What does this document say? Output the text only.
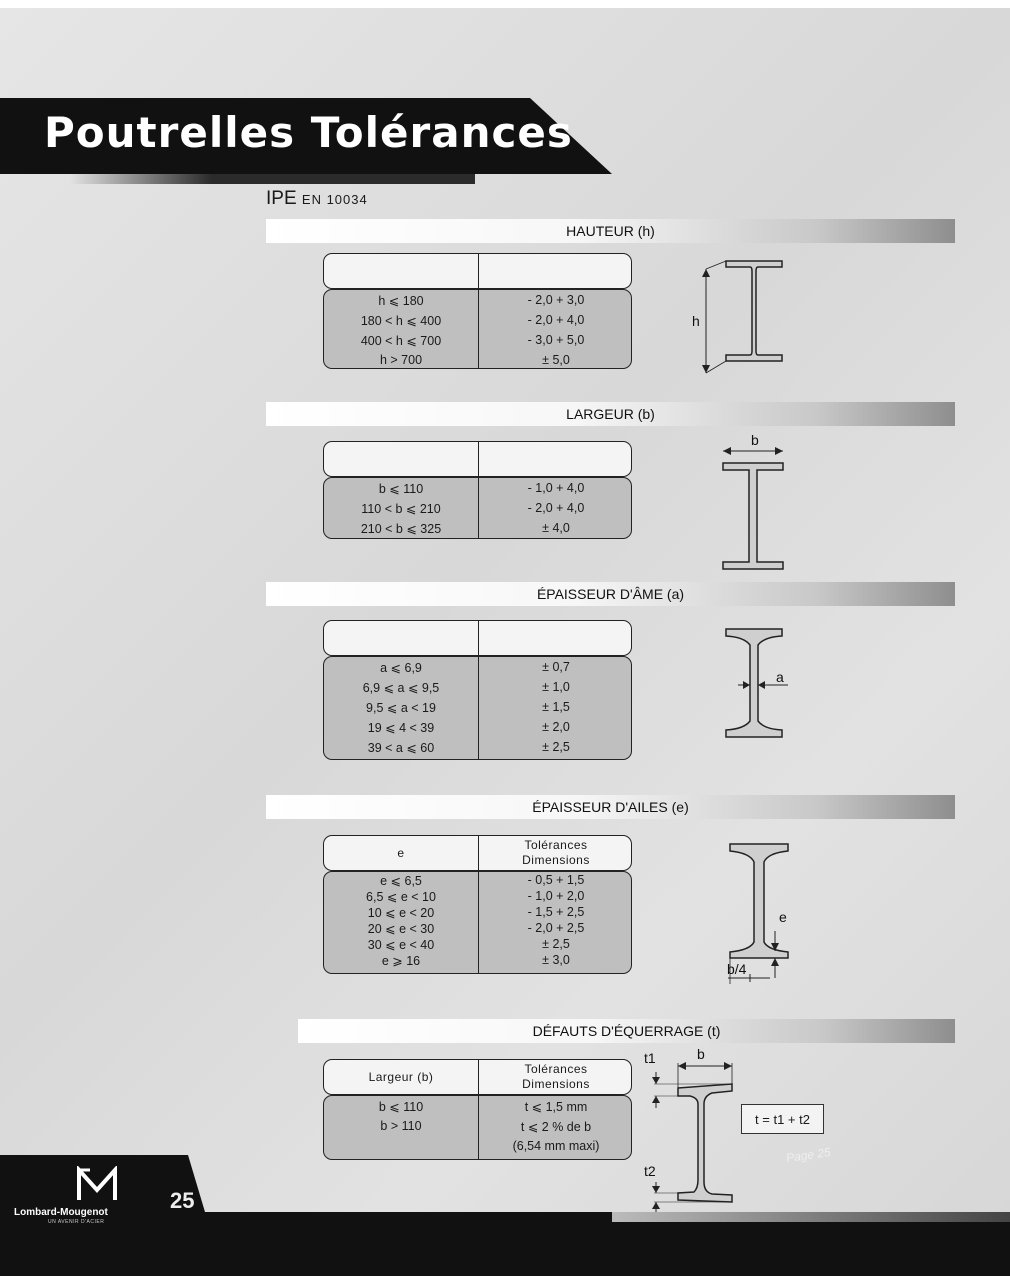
Poutrelles Tolérances
IPE EN 10034
HAUTEUR (h)
h ⩽ 180	- 2,0 + 3,0
180 < h ⩽ 400	- 2,0 + 4,0
400 < h ⩽ 700	- 3,0 + 5,0
h > 700	± 5,0
h
LARGEUR (b)
b ⩽ 110	- 1,0 + 4,0
110 < b ⩽ 210	- 2,0 + 4,0
210 < b ⩽ 325	± 4,0
b
ÉPAISSEUR D'ÂME (a)
a ⩽ 6,9	± 0,7
6,9 ⩽ a ⩽ 9,5	± 1,0
9,5 ⩽ a < 19	± 1,5
19 ⩽ 4 < 39	± 2,0
39 < a ⩽ 60	± 2,5
a
ÉPAISSEUR D'AILES (e)
e
Tolérances
Dimensions
e ⩽ 6,5	- 0,5 + 1,5
6,5 ⩽ e < 10	- 1,0 + 2,0
10 ⩽ e < 20	- 1,5 + 2,5
20 ⩽ e < 30	- 2,0 + 2,5
30 ⩽ e < 40	± 2,5
e ⩾ 16	± 3,0
e
b/4
DÉFAUTS D'ÉQUERRAGE (t)
Largeur (b)
Tolérances
Dimensions
b ⩽ 110	t ⩽ 1,5 mm
b > 110	t ⩽ 2 % de b
(6,54 mm maxi)
t1	b
t2
t = t1 + t2
Page 25
Lombard-Mougenot
UN AVENIR D'ACIER
25
